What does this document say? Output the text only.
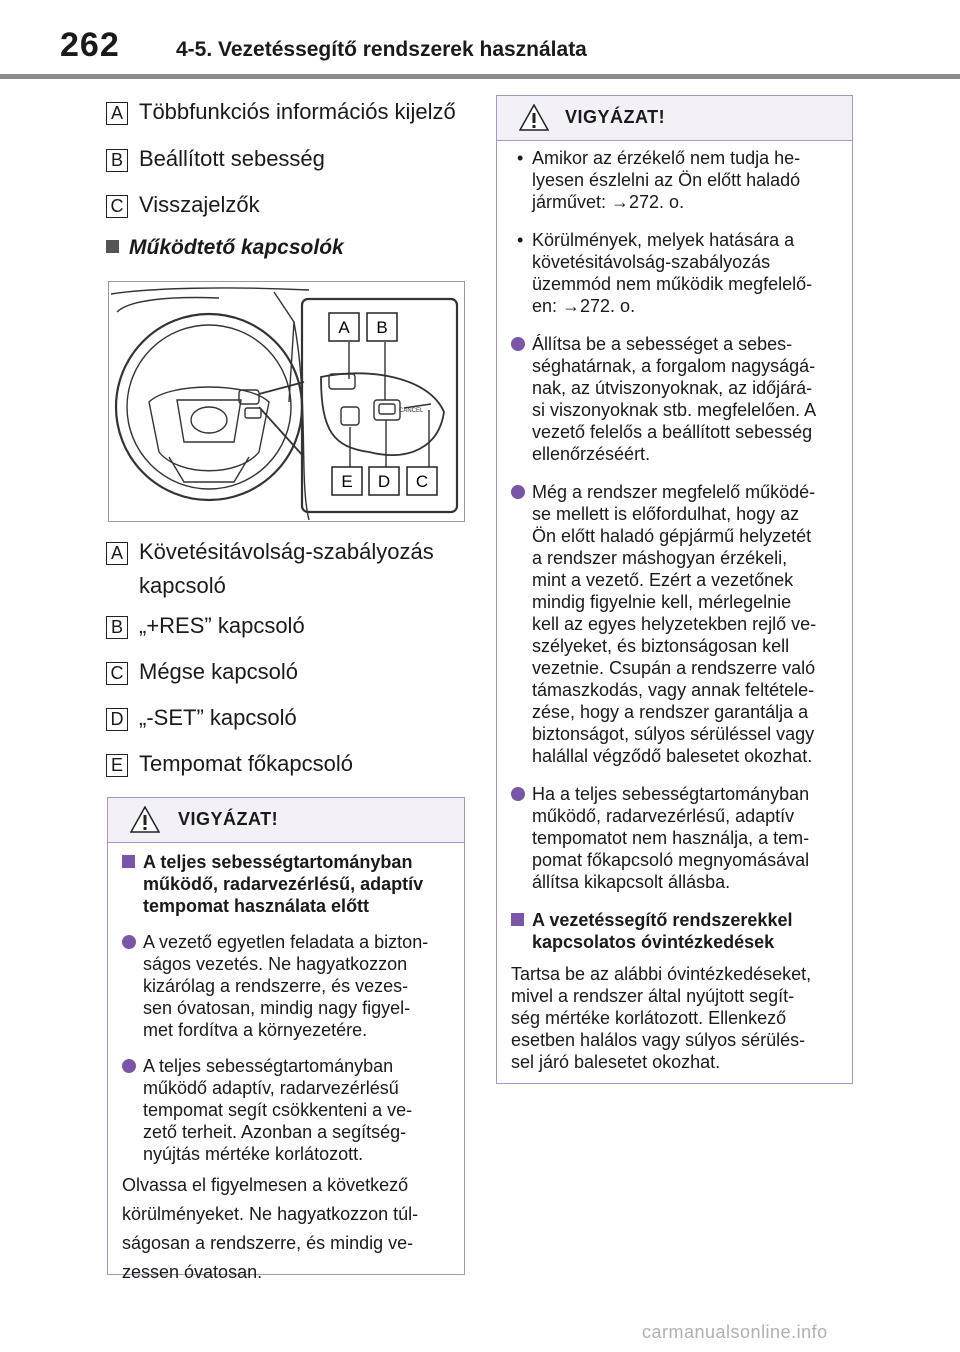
262	4-5. Vezetéssegítő rendszerek használata
A Többfunkciós információs kijelző
B Beállított sebesség
C Visszajelzők
Működtető kapcsolók
CANCEL
A B
E D C
A Követésitávolság-szabályozás
kapcsoló
B „+RES” kapcsoló
C Mégse kapcsoló
D „-SET” kapcsoló
E Tempomat főkapcsoló
VIGYÁZAT!
A teljes sebességtartományban
működő, radarvezérlésű, adaptív
tempomat használata előtt
A vezető egyetlen feladata a bizton-
ságos vezetés. Ne hagyatkozzon
kizárólag a rendszerre, és vezes-
sen óvatosan, mindig nagy figyel-
met fordítva a környezetére.
A teljes sebességtartományban
működő adaptív, radarvezérlésű
tempomat segít csökkenteni a ve-
zető terheit. Azonban a segítség-
nyújtás mértéke korlátozott.
Olvassa el figyelmesen a következő
körülményeket. Ne hagyatkozzon túl-
ságosan a rendszerre, és mindig ve-
zessen óvatosan.
VIGYÁZAT!
• Amikor az érzékelő nem tudja he-
lyesen észlelni az Ön előtt haladó
járművet: →272. o.
• Körülmények, melyek hatására a
követésitávolság-szabályozás
üzemmód nem működik megfelelő-
en: →272. o.
Állítsa be a sebességet a sebes-
séghatárnak, a forgalom nagyságá-
nak, az útviszonyoknak, az időjárá-
si viszonyoknak stb. megfelelően. A
vezető felelős a beállított sebesség
ellenőrzéséért.
Még a rendszer megfelelő működé-
se mellett is előfordulhat, hogy az
Ön előtt haladó gépjármű helyzetét
a rendszer máshogyan érzékeli,
mint a vezető. Ezért a vezetőnek
mindig figyelnie kell, mérlegelnie
kell az egyes helyzetekben rejlő ve-
szélyeket, és biztonságosan kell
vezetnie. Csupán a rendszerre való
támaszkodás, vagy annak feltétele-
zése, hogy a rendszer garantálja a
biztonságot, súlyos sérüléssel vagy
halállal végződő balesetet okozhat.
Ha a teljes sebességtartományban
működő, radarvezérlésű, adaptív
tempomatot nem használja, a tem-
pomat főkapcsoló megnyomásával
állítsa kikapcsolt állásba.
A vezetéssegítő rendszerekkel
kapcsolatos óvintézkedések
Tartsa be az alábbi óvintézkedéseket,
mivel a rendszer által nyújtott segít-
ség mértéke korlátozott. Ellenkező
esetben halálos vagy súlyos sérülés-
sel járó balesetet okozhat.
carmanualsonline.info
